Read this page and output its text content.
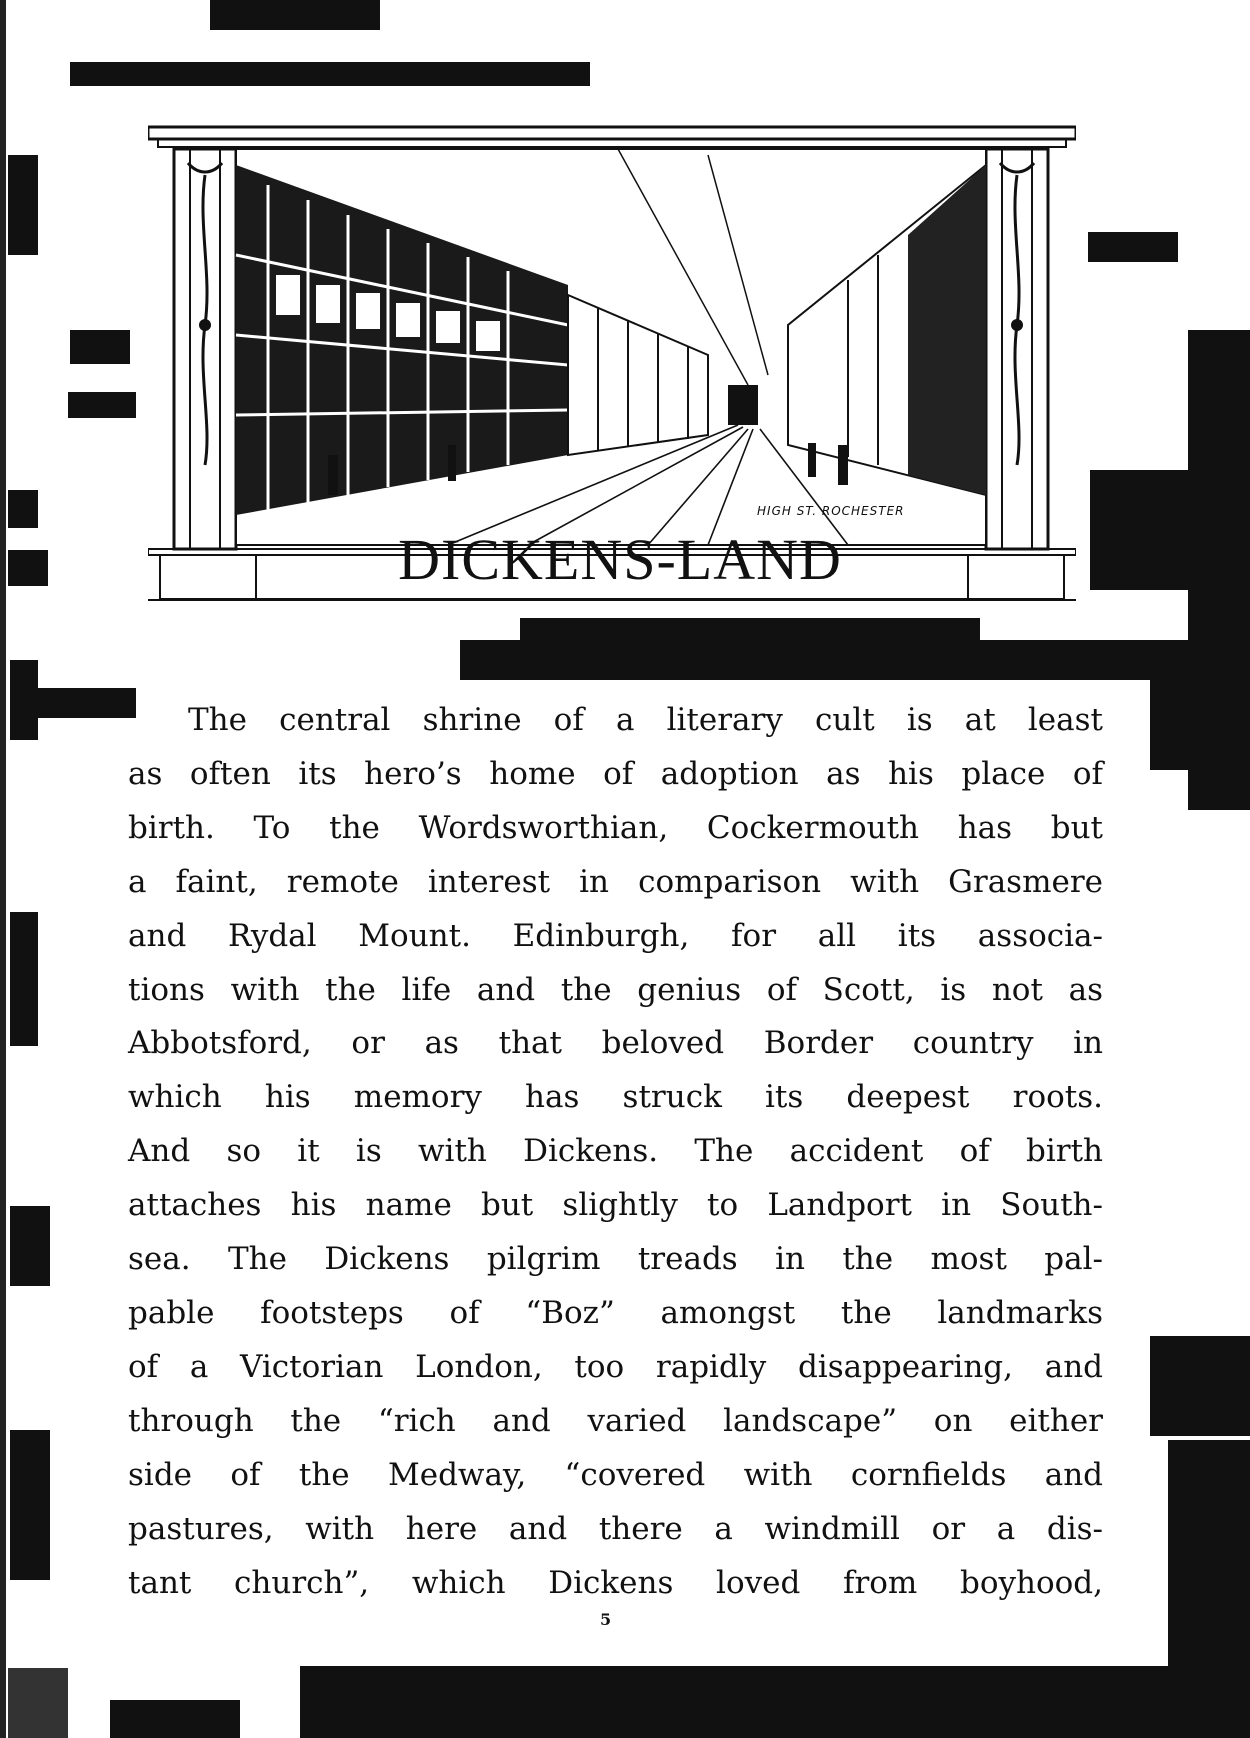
HIGH ST. ROCHESTER
DICKENS-LAND
The central shrine of a literary cult is at least
as often its hero’s home of adoption as his place of
birth. To the Wordsworthian, Cockermouth has but
a faint, remote interest in comparison with Grasmere
and Rydal Mount. Edinburgh, for all its associa-
tions with the life and the genius of Scott, is not as
Abbotsford, or as that beloved Border country in
which his memory has struck its deepest roots.
And so it is with Dickens. The accident of birth
attaches his name but slightly to Landport in South-
sea. The Dickens pilgrim treads in the most pal-
pable footsteps of “Boz” amongst the landmarks
of a Victorian London, too rapidly disappearing, and
through the “rich and varied landscape” on either
side of the Medway, “covered with cornfields and
pastures, with here and there a windmill or a dis-
tant church”, which Dickens loved from boyhood,
5
